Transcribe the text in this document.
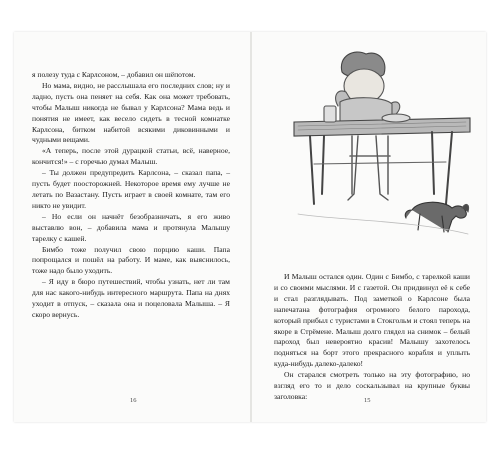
я полезу туда с Карлсоном, – добавил он шёпотом.

Но мама, видно, не расслышала его последних слов; ну и ладно, пусть она пеняет на себя. Как она может требовать, чтобы Малыш никогда не бывал у Карлсона? Мама ведь и понятия не имеет, как весело сидеть в тесной комнатке Карлсона, битком набитой всякими диковинными и чудными вещами.

«А теперь, после этой дурацкой статьи, всё, наверное, кончится!» – с горечью думал Малыш.

– Ты должен предупредить Карлсона, – сказал папа, – пусть будет поосторожней. Некоторое время ему лучше не летать по Вазастану. Пусть играет в своей комнате, там его никто не увидит.

– Но если он начнёт безобразничать, я его живо выставлю вон, – добавила мама и протянула Малышу тарелку с кашей.

Бимбо тоже получил свою порцию каши. Папа попрощался и пошёл на работу. И маме, как выяснилось, тоже надо было уходить.

– Я иду в бюро путешествий, чтобы узнать, нет ли там для нас какого-нибудь интересного маршрута. Папа на днях уходит в отпуск, – сказала она и поцеловала Малыша. – Я скоро вернусь.

16

И Малыш остался один. Один с Бимбо, с тарелкой каши и со своими мыслями. И с газетой. Он придвинул её к себе и стал разглядывать. Под заметкой о Карлсоне была напечатана фотография огромного белого парохода, который прибыл с туристами в Стокгольм и стоял теперь на якоре в Стрёмене. Малыш долго глядел на снимок – белый пароход был невероятно красив! Малышу захотелось подняться на борт этого прекрасного корабля и уплыть куда-нибудь далеко-далеко!

Он старался смотреть только на эту фотографию, но взгляд его то и дело соскальзывал на крупные буквы заголовка:	15
